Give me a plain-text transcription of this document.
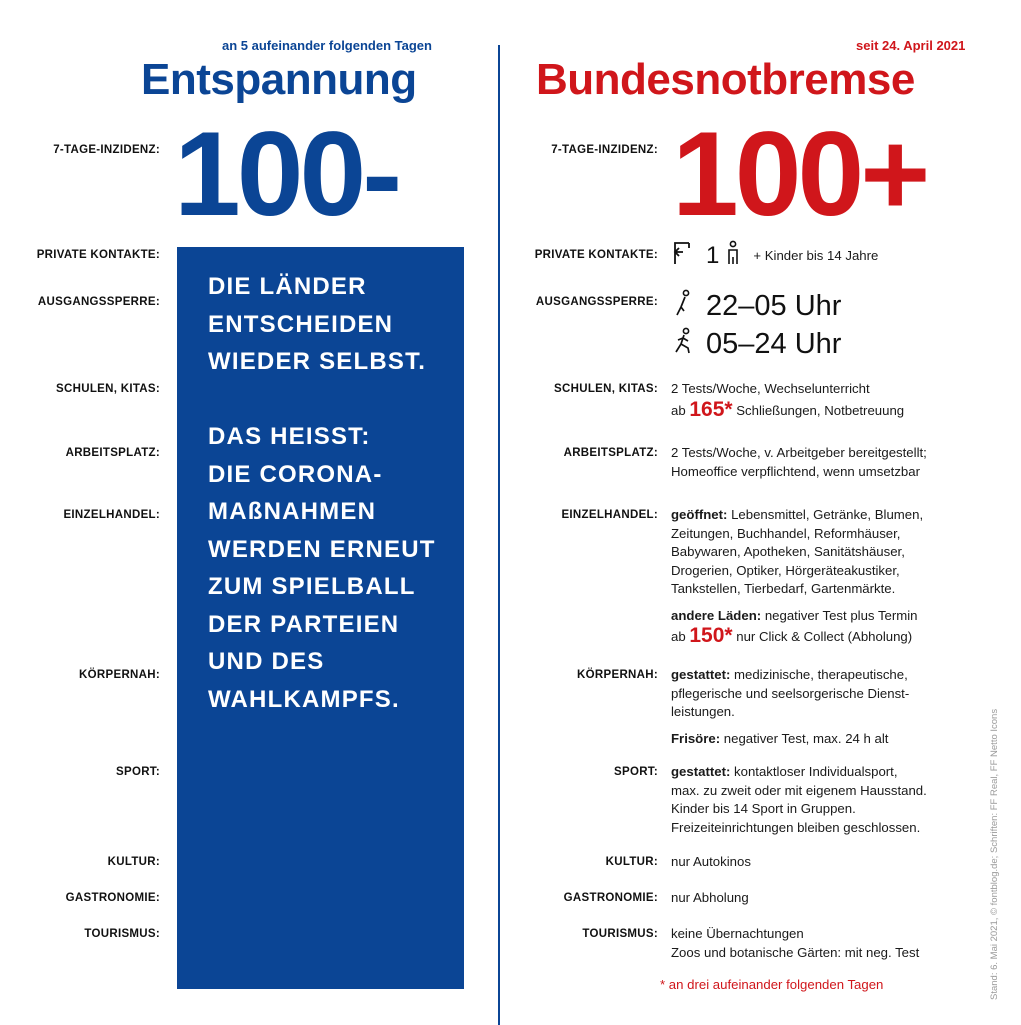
an 5 aufeinander folgenden Tagen
Entspannung
7-TAGE-INZIDENZ: 100-
seit 24. April 2021
Bundesnotbremse
7-TAGE-INZIDENZ: 100+
DIE LÄNDER
ENTSCHEIDEN
WIEDER SELBST.
DAS HEISST:
DIE CORONA-
MAßNAHMEN
WERDEN ERNEUT
ZUM SPIELBALL
DER PARTEIEN
UND DES
WAHLKAMPFS.
PRIVATE KONTAKTE:
AUSGANGSSPERRE:
SCHULEN, KITAS:
ARBEITSPLATZ:
EINZELHANDEL:
KÖRPERNAH:
SPORT:
KULTUR:
GASTRONOMIE:
TOURISMUS:
PRIVATE KONTAKTE:
AUSGANGSSPERRE:
SCHULEN, KITAS:
ARBEITSPLATZ:
EINZELHANDEL:
KÖRPERNAH:
SPORT:
KULTUR:
GASTRONOMIE:
TOURISMUS:
1	+ Kinder bis 14 Jahre
22–05 Uhr
05–24 Uhr
2 Tests/Woche, Wechselunterricht
ab 165* Schließungen, Notbetreuung
2 Tests/Woche, v. Arbeitgeber bereitgestellt;
Homeoffice verpflichtend, wenn umsetzbar
geöffnet: Lebensmittel, Getränke, Blumen,
Zeitungen, Buchhandel, Reformhäuser,
Babywaren, Apotheken, Sanitätshäuser,
Drogerien, Optiker, Hörgeräteakustiker,
Tankstellen, Tierbedarf, Gartenmärkte.
andere Läden: negativer Test plus Termin
ab 150* nur Click & Collect (Abholung)
gestattet: medizinische, therapeutische,
pflegerische und seelsorgerische Dienst-
leistungen.
Frisöre: negativer Test, max. 24 h alt
gestattet: kontaktloser Individualsport,
max. zu zweit oder mit eigenem Hausstand.
Kinder bis 14 Sport in Gruppen.
Freizeiteinrichtungen bleiben geschlossen.
nur Autokinos
nur Abholung
keine Übernachtungen
Zoos und botanische Gärten: mit neg. Test
* an drei aufeinander folgenden Tagen	Stand: 6. Mai 2021, © fontblog.de; Schriften: FF Real, FF Netto Icons
